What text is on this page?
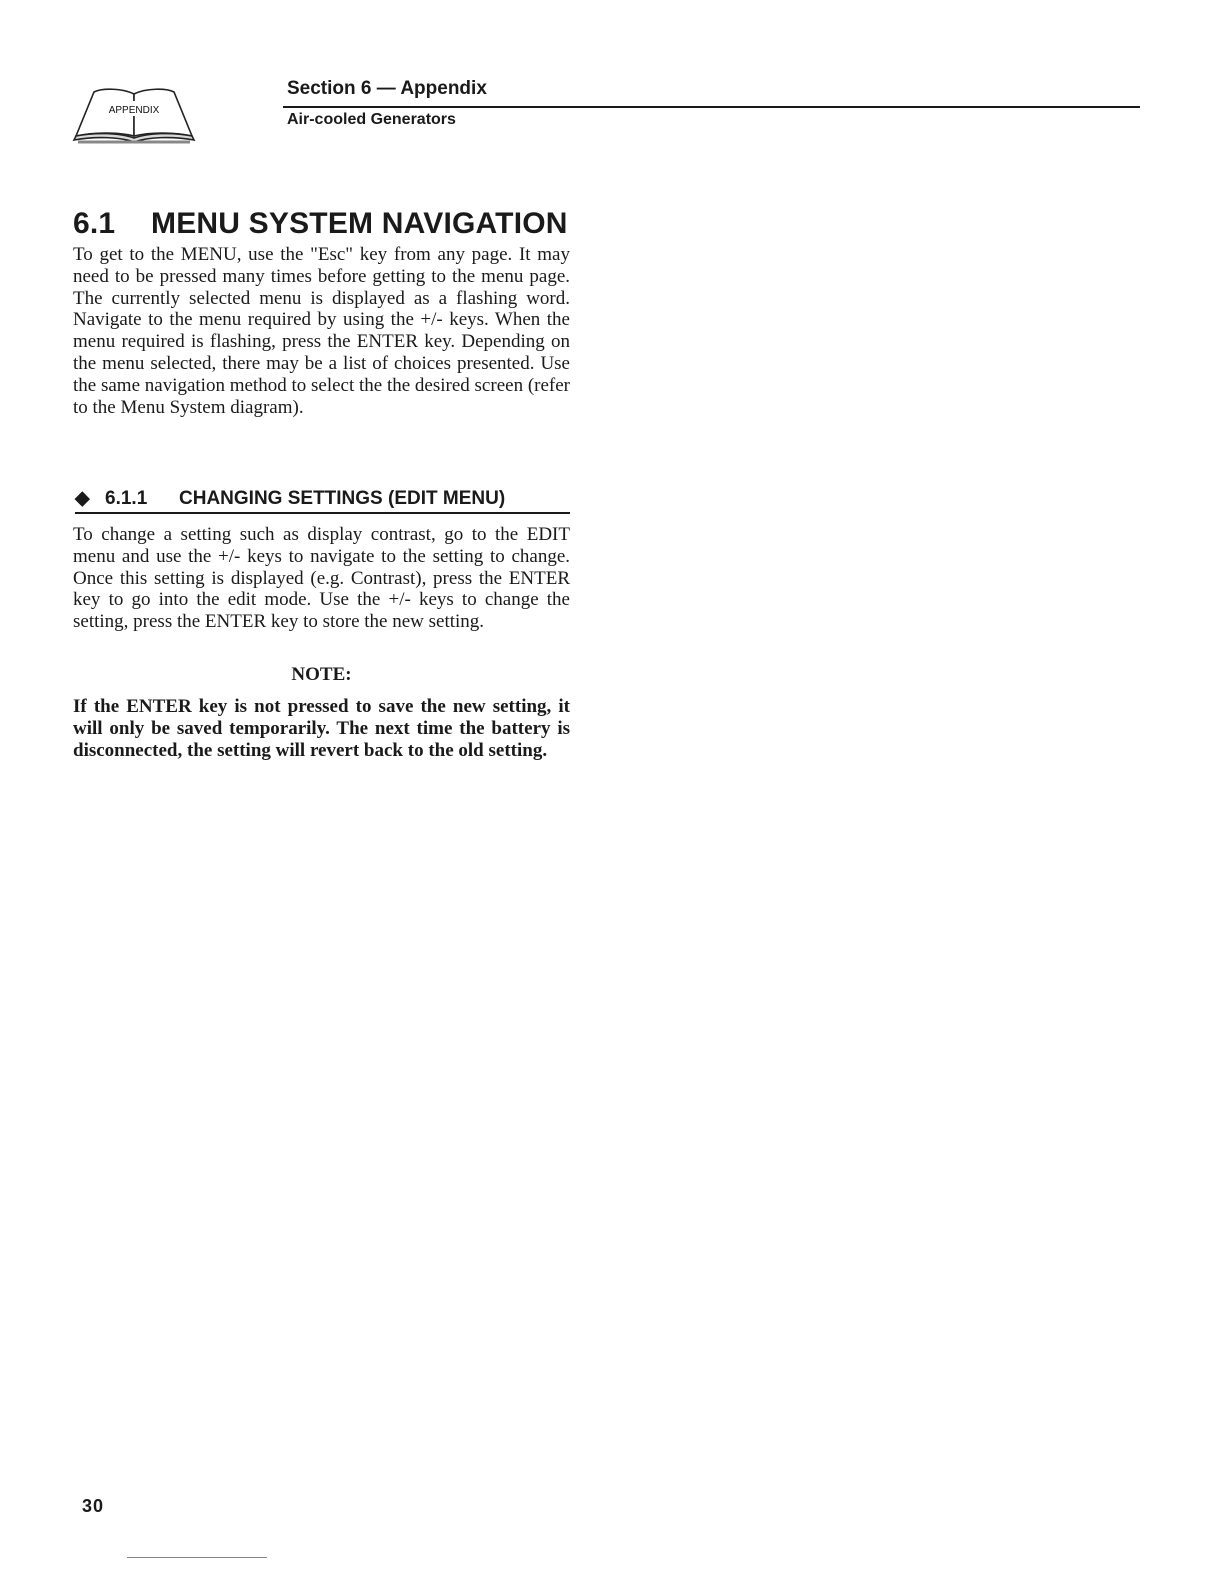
APPENDIX
Section 6 — Appendix
Air-cooled Generators
6.1 MENU SYSTEM NAVIGATION
To get to the MENU, use the "Esc" key from any page. It may need to be pressed many times before getting to the menu page. The currently selected menu is displayed as a flashing word. Navigate to the menu required by using the +/- keys. When the menu required is flashing, press the ENTER key. Depending on the menu selected, there may be a list of choices presented. Use the same navigation method to select the the desired screen (refer to the Menu System diagram).
◆ 6.1.1 CHANGING SETTINGS (EDIT MENU)
To change a setting such as display contrast, go to the EDIT menu and use the +/- keys to navigate to the setting to change. Once this setting is displayed (e.g. Contrast), press the ENTER key to go into the edit mode. Use the +/- keys to change the setting, press the ENTER key to store the new setting.
NOTE:
If the ENTER key is not pressed to save the new setting, it will only be saved temporarily. The next time the battery is disconnected, the setting will revert back to the old setting.
30
